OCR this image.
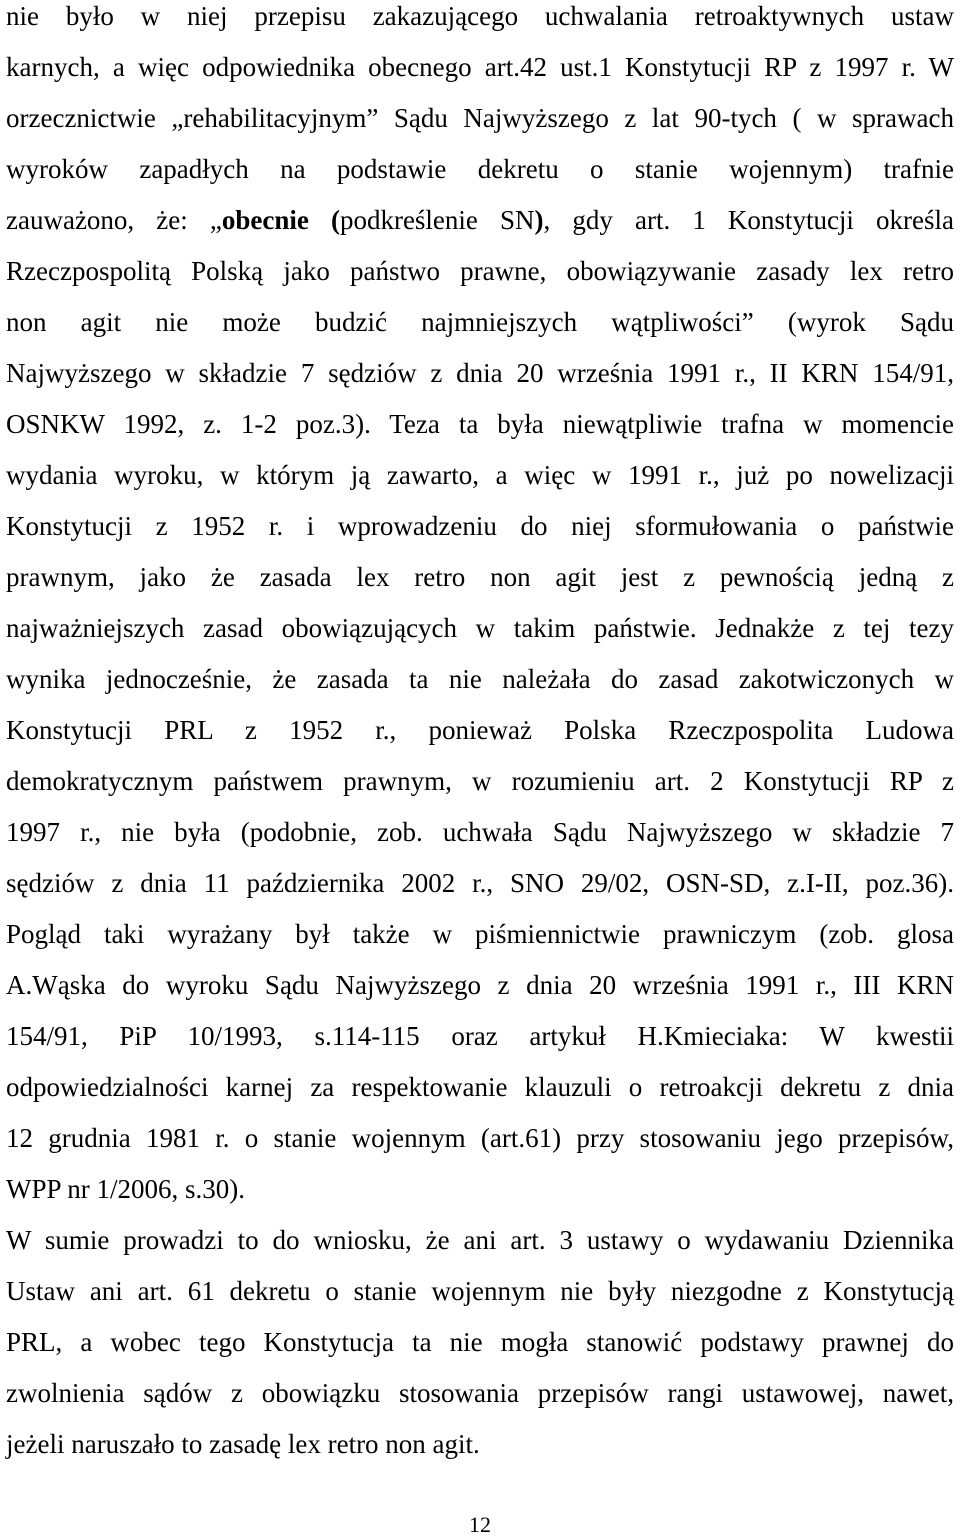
nie było w niej przepisu zakazującego uchwalania retroaktywnych ustaw
karnych, a więc odpowiednika obecnego art.42 ust.1 Konstytucji RP z 1997 r. W
orzecznictwie „rehabilitacyjnym” Sądu Najwyższego z lat 90-tych ( w sprawach
wyroków zapadłych na podstawie dekretu o stanie wojennym) trafnie
zauważono, że: „obecnie (podkreślenie SN), gdy art. 1 Konstytucji określa
Rzeczpospolitą Polską jako państwo prawne, obowiązywanie zasady lex retro
non agit nie może budzić najmniejszych wątpliwości” (wyrok Sądu
Najwyższego w składzie 7 sędziów z dnia 20 września 1991 r., II KRN 154/91,
OSNKW 1992, z. 1-2 poz.3). Teza ta była niewątpliwie trafna w momencie
wydania wyroku, w którym ją zawarto, a więc w 1991 r., już po nowelizacji
Konstytucji z 1952 r. i wprowadzeniu do niej sformułowania o państwie
prawnym, jako że zasada lex retro non agit jest z pewnością jedną z
najważniejszych zasad obowiązujących w takim państwie. Jednakże z tej tezy
wynika jednocześnie, że zasada ta nie należała do zasad zakotwiczonych w
Konstytucji PRL z 1952 r., ponieważ Polska Rzeczpospolita Ludowa
demokratycznym państwem prawnym, w rozumieniu art. 2 Konstytucji RP z
1997 r., nie była (podobnie, zob. uchwała Sądu Najwyższego w składzie 7
sędziów z dnia 11 października 2002 r., SNO 29/02, OSN-SD, z.I-II, poz.36).
Pogląd taki wyrażany był także w piśmiennictwie prawniczym (zob. glosa
A.Wąska do wyroku Sądu Najwyższego z dnia 20 września 1991 r., III KRN
154/91, PiP 10/1993, s.114-115 oraz artykuł H.Kmieciaka: W kwestii
odpowiedzialności karnej za respektowanie klauzuli o retroakcji dekretu z dnia
12 grudnia 1981 r. o stanie wojennym (art.61) przy stosowaniu jego przepisów,
WPP nr 1/2006, s.30).
W sumie prowadzi to do wniosku, że ani art. 3 ustawy o wydawaniu Dziennika
Ustaw ani art. 61 dekretu o stanie wojennym nie były niezgodne z Konstytucją
PRL, a wobec tego Konstytucja ta nie mogła stanowić podstawy prawnej do
zwolnienia sądów z obowiązku stosowania przepisów rangi ustawowej, nawet,
jeżeli naruszało to zasadę lex retro non agit.
12
